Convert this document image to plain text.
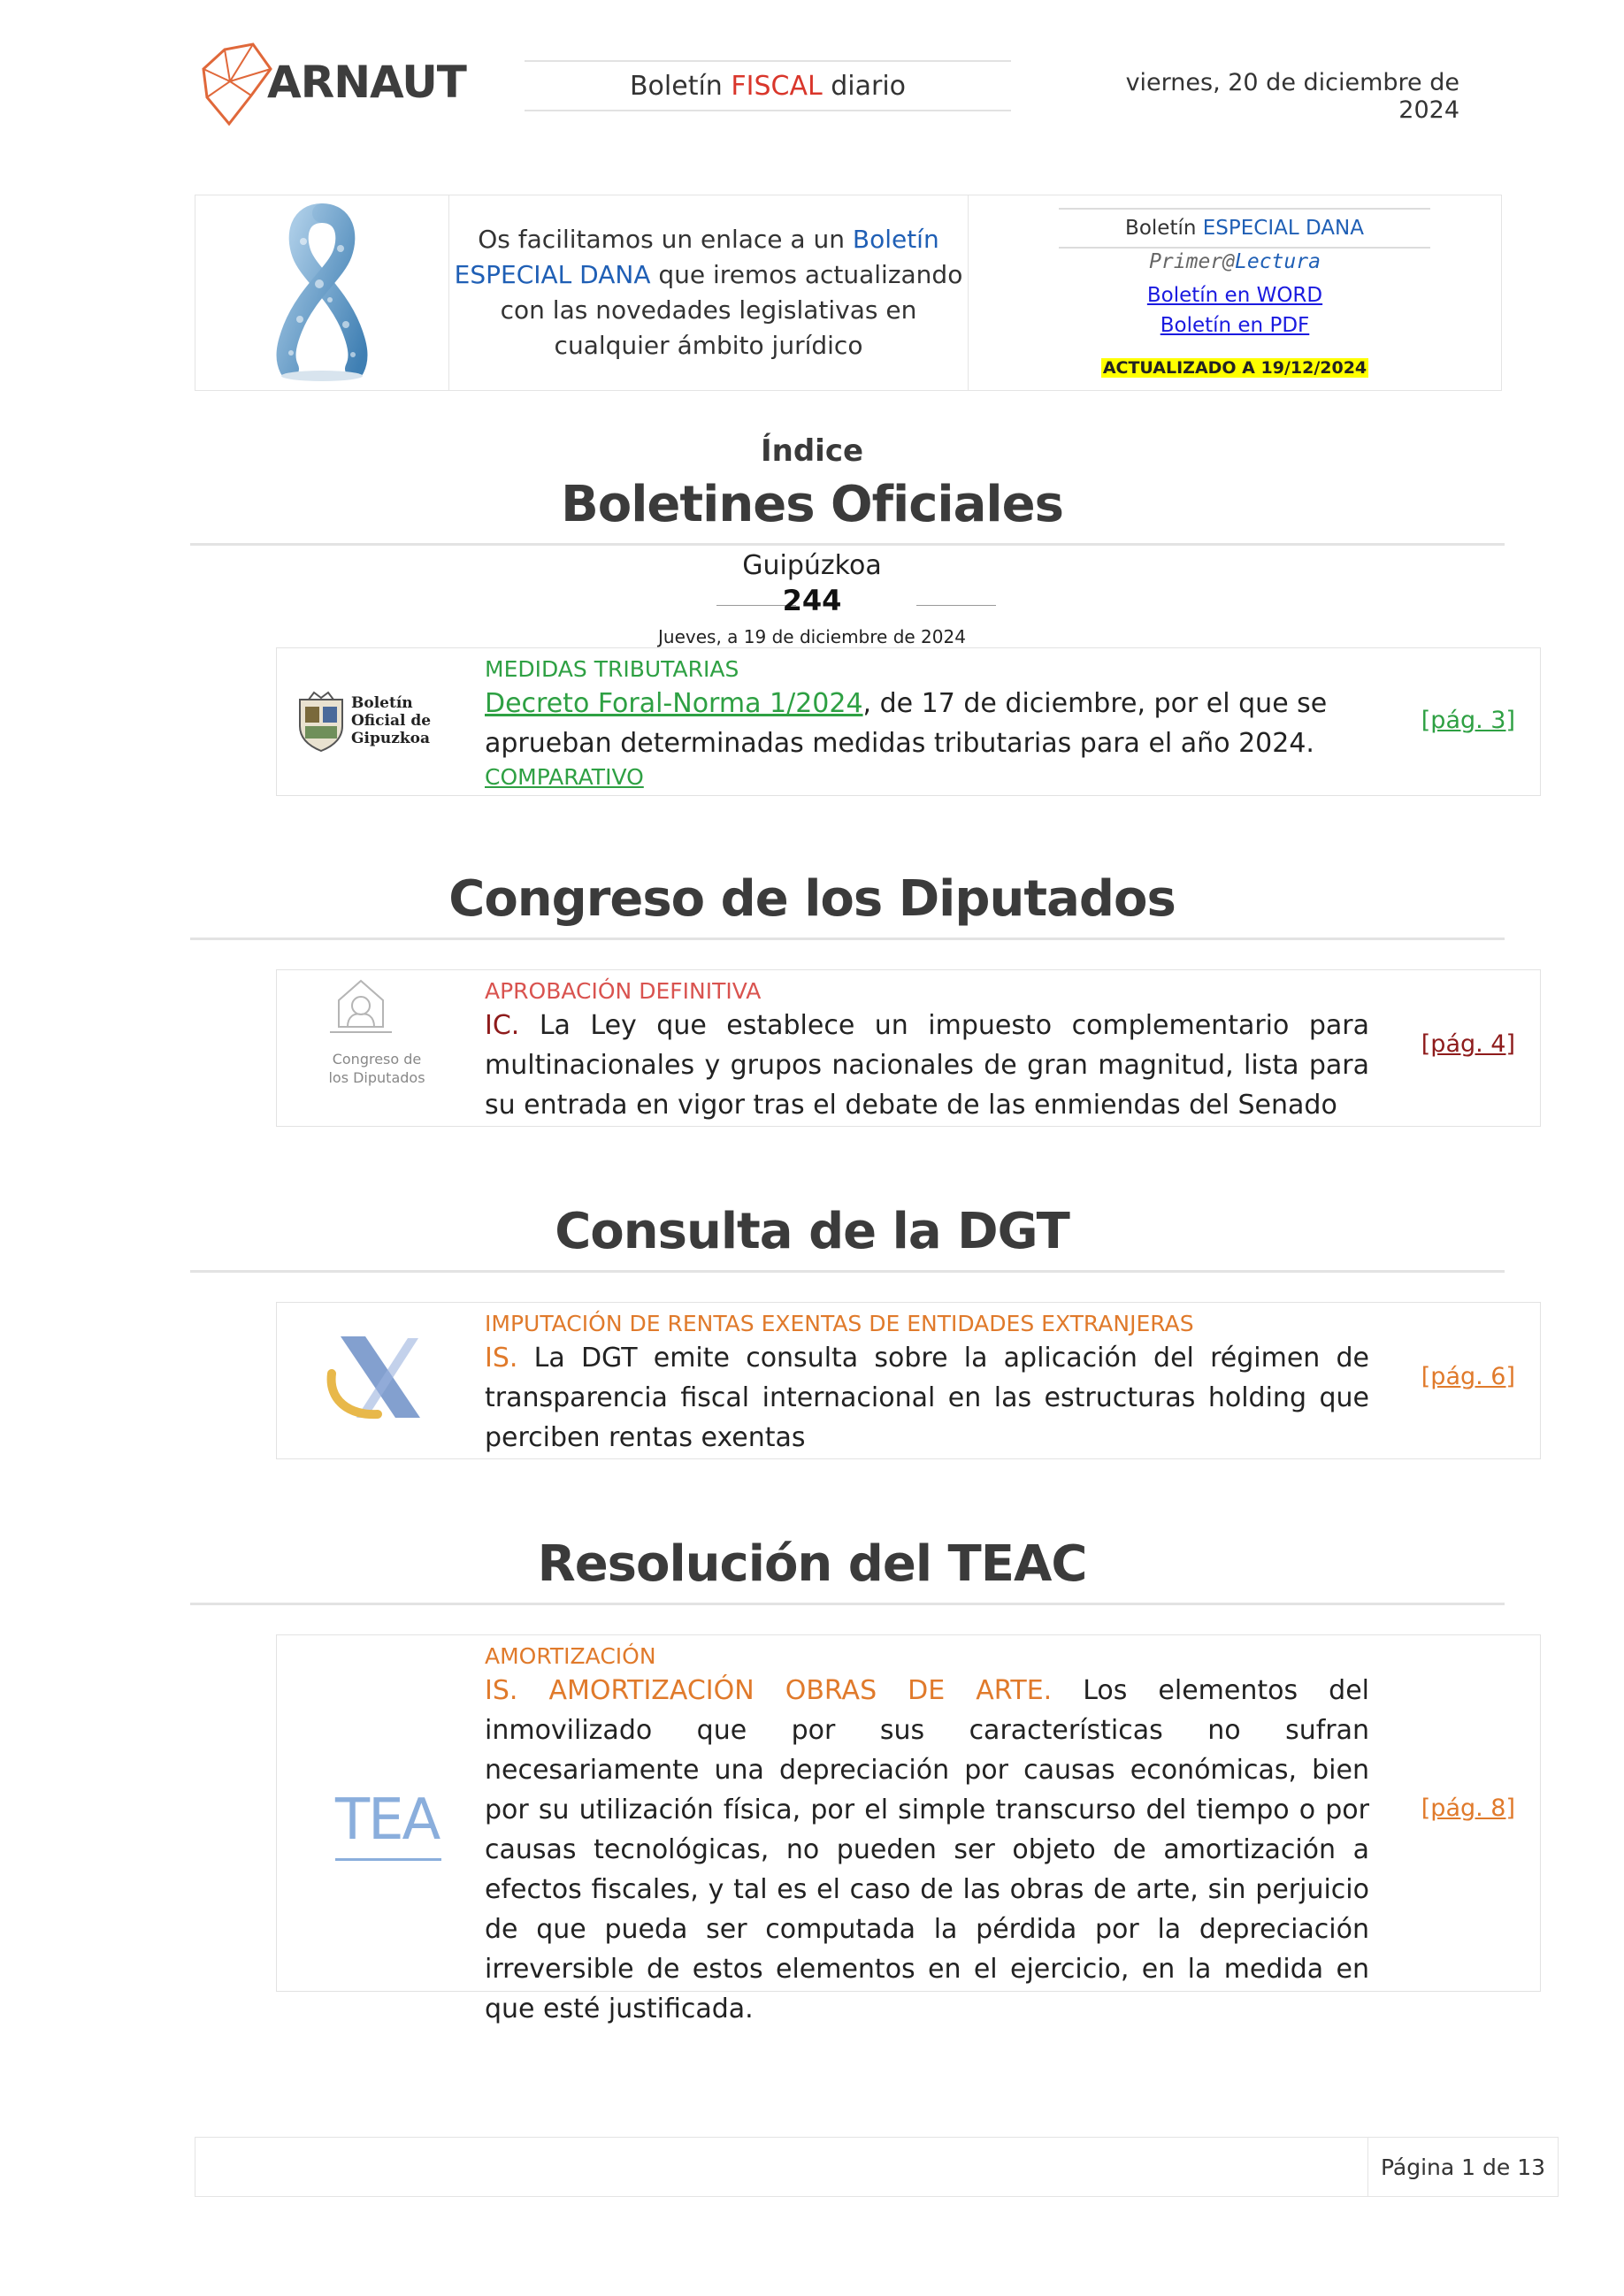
ARNAUT	Boletín FISCAL diario	viernes, 20 de diciembre de 2024

Os facilitamos un enlace a un Boletín ESPECIAL DANA que iremos actualizando con las novedades legislativas en cualquier ámbito jurídico

Boletín ESPECIAL DANA
Primer@Lectura
Boletín en WORD
Boletín en PDF
ACTUALIZADO A 19/12/2024
Índice
Boletines Oficiales
Guipúzkoa
244
Jueves, a 19 de diciembre de 2024
Boletín
Oficial de
Gipuzkoa
MEDIDAS TRIBUTARIAS
Decreto Foral-Norma 1/2024, de 17 de diciembre, por el que se aprueban determinadas medidas tributarias para el año 2024.
COMPARATIVO
[pág. 3]
Congreso de los Diputados
Congreso de
los Diputados
APROBACIÓN DEFINITIVA
IC. La Ley que establece un impuesto complementario para multinacionales y grupos nacionales de gran magnitud, lista para su entrada en vigor tras el debate de las enmiendas del Senado
[pág. 4]
Consulta de la DGT
IMPUTACIÓN DE RENTAS EXENTAS DE ENTIDADES EXTRANJERAS
IS. La DGT emite consulta sobre la aplicación del régimen de transparencia fiscal internacional en las estructuras holding que perciben rentas exentas
[pág. 6]
Resolución del TEAC
TEA
AMORTIZACIÓN
IS. AMORTIZACIÓN OBRAS DE ARTE. Los elementos del inmovilizado que por sus características no sufran necesariamente una depreciación por causas económicas, bien por su utilización física, por el simple transcurso del tiempo o por causas tecnológicas, no pueden ser objeto de amortización a efectos fiscales, y tal es el caso de las obras de arte, sin perjuicio de que pueda ser computada la pérdida por la depreciación irreversible de estos elementos en el ejercicio, en la medida en que esté justificada.
[pág. 8]
Página 1 de 13
